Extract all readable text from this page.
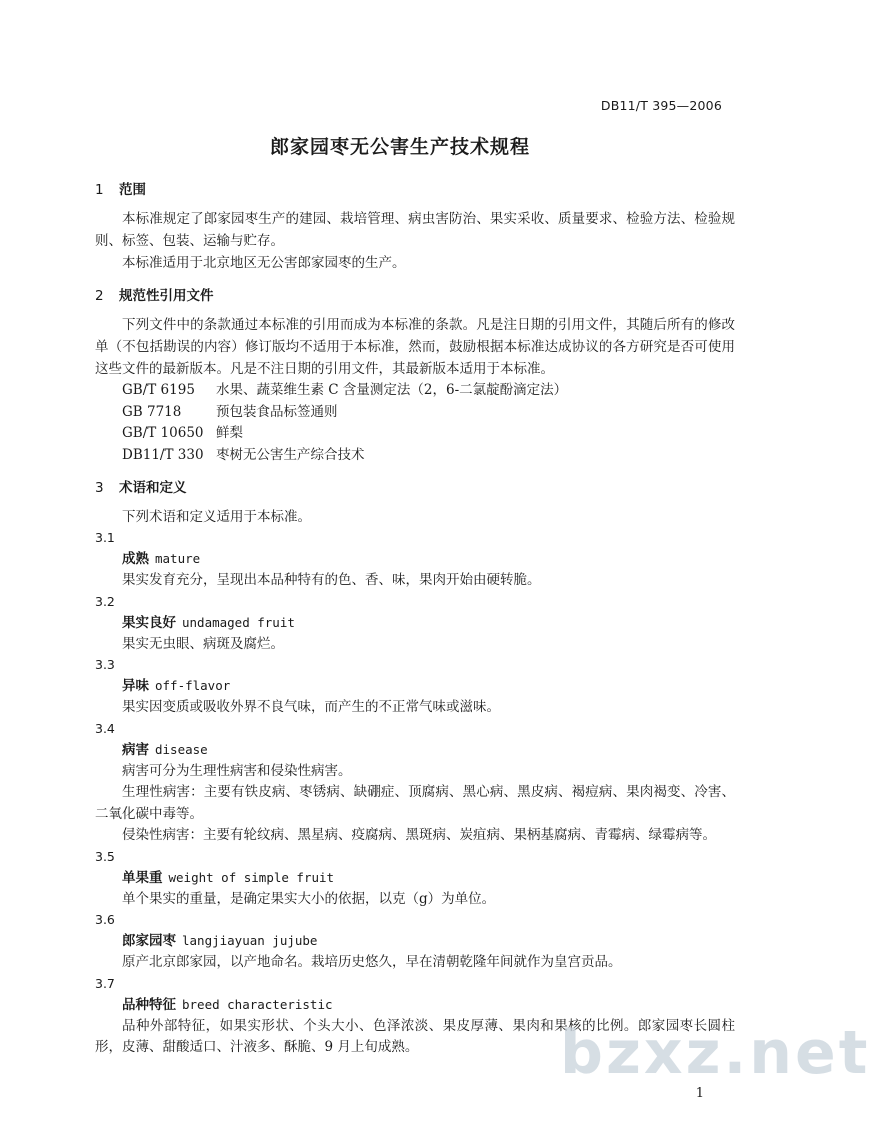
DB11/T 395—2006
郎家园枣无公害生产技术规程
1 范围
本标准规定了郎家园枣生产的建园、栽培管理、病虫害防治、果实采收、质量要求、检验方法、检验规则、标签、包装、运输与贮存。
本标准适用于北京地区无公害郎家园枣的生产。
2 规范性引用文件
下列文件中的条款通过本标准的引用而成为本标准的条款。凡是注日期的引用文件，其随后所有的修改单（不包括勘误的内容）修订版均不适用于本标准，然而，鼓励根据本标准达成协议的各方研究是否可使用这些文件的最新版本。凡是不注日期的引用文件，其最新版本适用于本标准。
GB/T 6195 水果、蔬菜维生素 C 含量测定法（2，6-二氯靛酚滴定法）
GB 7718	预包装食品标签通则
GB/T 10650 鲜梨
DB11/T 330 枣树无公害生产综合技术
3 术语和定义
下列术语和定义适用于本标准。
3.1
成熟 mature
果实发育充分，呈现出本品种特有的色、香、味，果肉开始由硬转脆。
3.2
果实良好 undamaged fruit
果实无虫眼、病斑及腐烂。
3.3
异味 off-flavor
果实因变质或吸收外界不良气味，而产生的不正常气味或滋味。
3.4
病害 disease
病害可分为生理性病害和侵染性病害。
生理性病害：主要有铁皮病、枣锈病、缺硼症、顶腐病、黑心病、黑皮病、褐痘病、果肉褐变、冷害、二氧化碳中毒等。
侵染性病害：主要有轮纹病、黑星病、疫腐病、黑斑病、炭疽病、果柄基腐病、青霉病、绿霉病等。
3.5
单果重 weight of simple fruit
单个果实的重量，是确定果实大小的依据，以克（g）为单位。
3.6
郎家园枣 langjiayuan jujube
原产北京郎家园，以产地命名。栽培历史悠久，早在清朝乾隆年间就作为皇宫贡品。
3.7
品种特征 breed characteristic
品种外部特征，如果实形状、个头大小、色泽浓淡、果皮厚薄、果肉和果核的比例。郎家园枣长圆柱形，皮薄、甜酸适口、汁液多、酥脆、9 月上旬成熟。	bzxz.net
1
